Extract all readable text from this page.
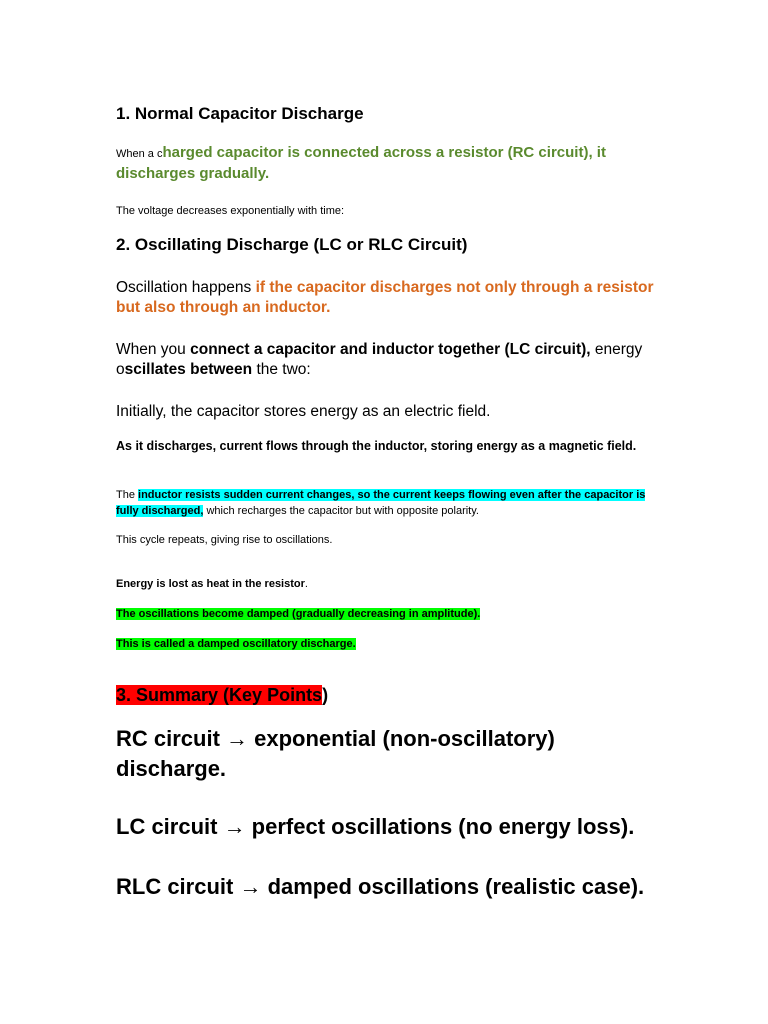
1. Normal Capacitor Discharge

When a charged capacitor is connected across a resistor (RC circuit), it discharges gradually.

The voltage decreases exponentially with time:

2. Oscillating Discharge (LC or RLC Circuit)

Oscillation happens if the capacitor discharges not only through a resistor but also through an inductor.

When you connect a capacitor and inductor together (LC circuit), energy oscillates between the two:

Initially, the capacitor stores energy as an electric field.

As it discharges, current flows through the inductor, storing energy as a magnetic field.

The inductor resists sudden current changes, so the current keeps flowing even after the capacitor is fully discharged, which recharges the capacitor but with opposite polarity.

This cycle repeats, giving rise to oscillations.

Energy is lost as heat in the resistor.

The oscillations become damped (gradually decreasing in amplitude).

This is called a damped oscillatory discharge.

3. Summary (Key Points)

RC circuit → exponential (non-oscillatory) discharge.

LC circuit → perfect oscillations (no energy loss).

RLC circuit → damped oscillations (realistic case).
